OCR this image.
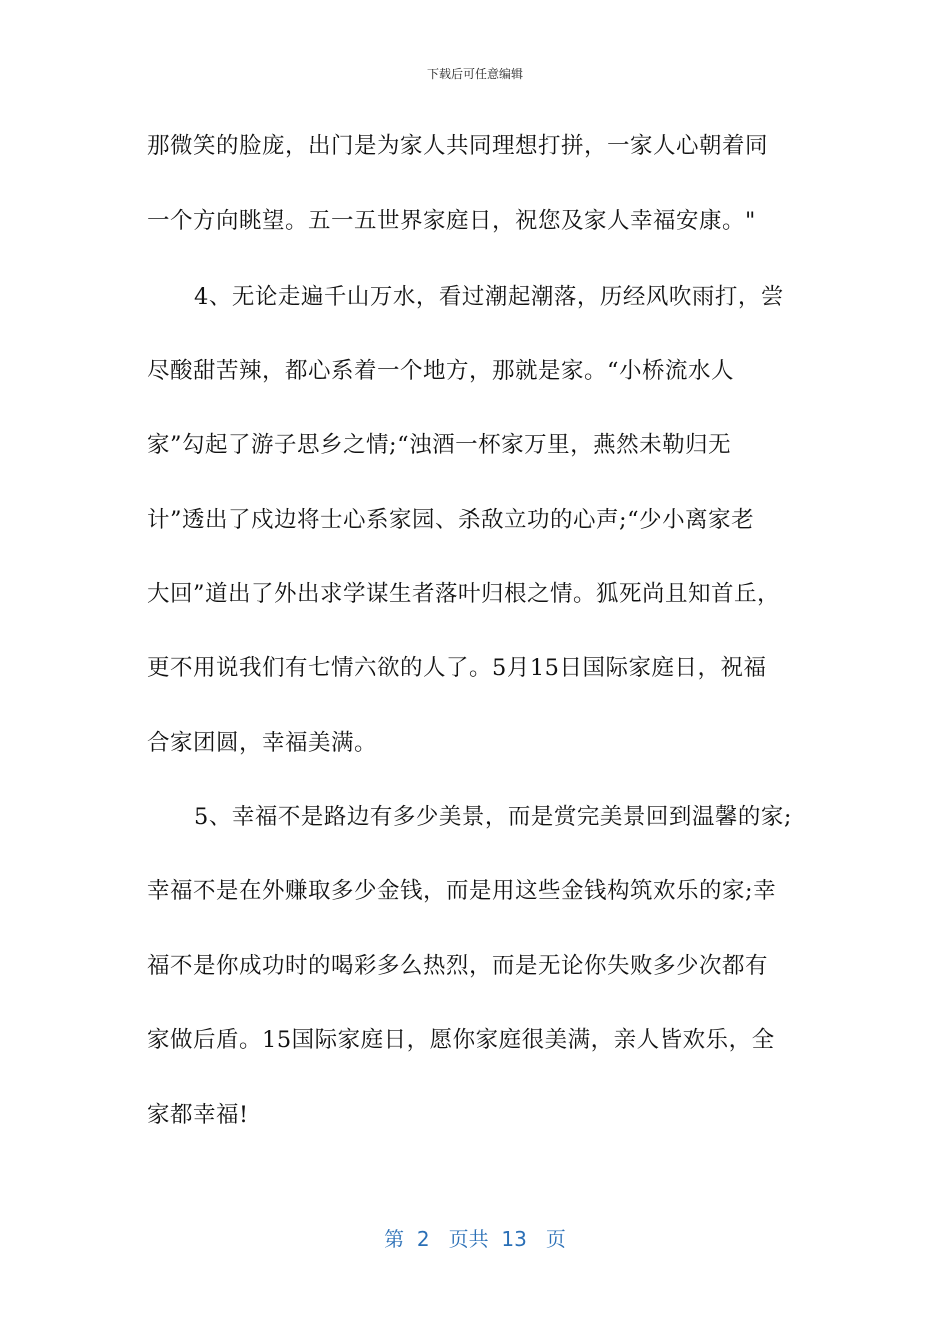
下载后可任意编辑
那微笑的脸庞，出门是为家人共同理想打拼，一家人心朝着同
一个方向眺望。五一五世界家庭日，祝您及家人幸福安康。"
4、无论走遍千山万水，看过潮起潮落，历经风吹雨打，尝
尽酸甜苦辣，都心系着一个地方，那就是家。“小桥流水人
家”勾起了游子思乡之情;“浊酒一杯家万里，燕然未勒归无
计”透出了戍边将士心系家园、杀敌立功的心声;“少小离家老
大回”道出了外出求学谋生者落叶归根之情。狐死尚且知首丘，
更不用说我们有七情六欲的人了。5月15日国际家庭日，祝福
合家团圆，幸福美满。
5、幸福不是路边有多少美景，而是赏完美景回到温馨的家;
幸福不是在外赚取多少金钱，而是用这些金钱构筑欢乐的家;幸
福不是你成功时的喝彩多么热烈，而是无论你失败多少次都有
家做后盾。15国际家庭日，愿你家庭很美满，亲人皆欢乐，全
家都幸福!
第  2   页共  13   页
